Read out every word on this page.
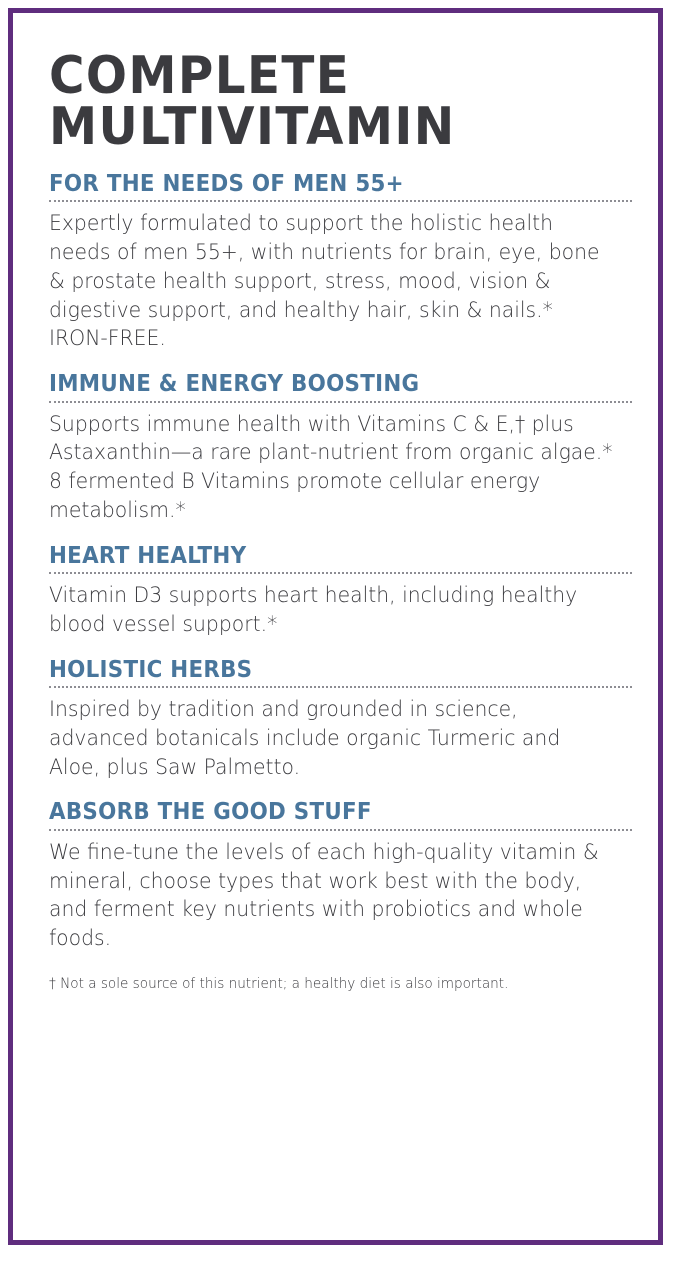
COMPLETE
MULTIVITAMIN
FOR THE NEEDS OF MEN 55+

Expertly formulated to support the holistic health needs of men 55+, with nutrients for brain, eye, bone & prostate health support, stress, mood, vision & digestive support, and healthy hair, skin & nails.* IRON-FREE.

IMMUNE & ENERGY BOOSTING

Supports immune health with Vitamins C & E,† plus Astaxanthin—a rare plant-nutrient from organic algae.* 8 fermented B Vitamins promote cellular energy metabolism.*

HEART HEALTHY

Vitamin D3 supports heart health, including healthy blood vessel support.*

HOLISTIC HERBS

Inspired by tradition and grounded in science, advanced botanicals include organic Turmeric and Aloe, plus Saw Palmetto.

ABSORB THE GOOD STUFF

We fine-tune the levels of each high-quality vitamin & mineral, choose types that work best with the body, and ferment key nutrients with probiotics and whole foods.

† Not a sole source of this nutrient; a healthy diet is also important.
